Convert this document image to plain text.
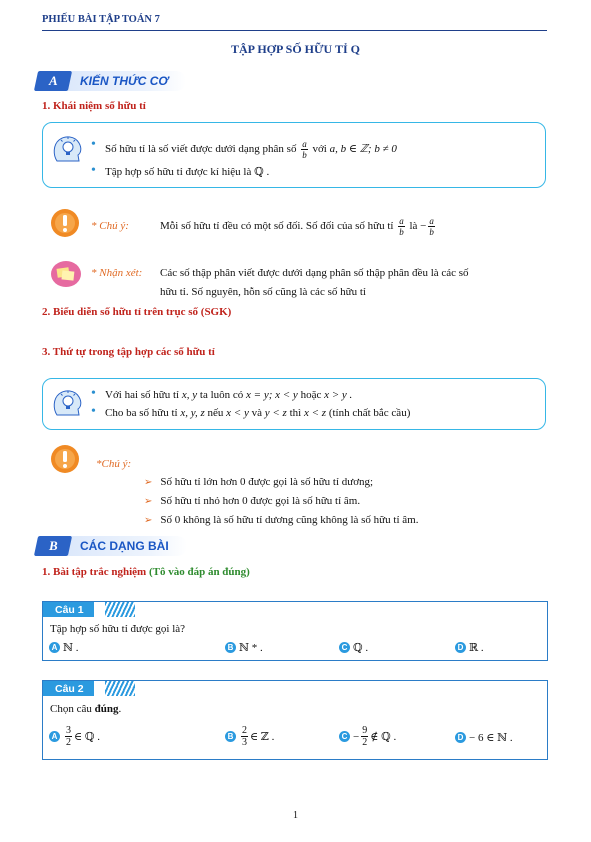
PHIẾU BÀI TẬP TOÁN 7
TẬP HỢP SỐ HỮU TỈ Q
A	KIẾN THỨC CƠ
1. Khái niệm số hữu tỉ
• Số hữu tỉ là số viết được dưới dạng phân số $\frac{a}{b}$ với a, b ∈ ℤ; b ≠ 0
• Tập hợp số hữu tỉ được kí hiệu là ℚ .
* Chú ý:	Mỗi số hữu tỉ đều có một số đối. Số đối của số hữu tỉ $\frac{a}{b}$ là − $\frac{a}{b}$
* Nhận xét: Các số thập phân viết được dưới dạng phân số thập phân đều là các số
hữu tỉ. Số nguyên, hỗn số cũng là các số hữu tỉ
2. Biểu diễn số hữu tỉ trên trục số (SGK)
3. Thứ tự trong tập hợp các số hữu tỉ
• Với hai số hữu tỉ x, y ta luôn có x = y; x < y hoặc x > y .
• Cho ba số hữu tỉ x, y, z nếu x < y và y < z thì x < z (tính chất bắc cầu)
*Chú ý:
➢ Số hữu tỉ lớn hơn 0 được gọi là số hữu tỉ dương;
➢ Số hữu tỉ nhỏ hơn 0 được gọi là số hữu tỉ âm.
➢ Số 0 không là số hữu tỉ dương cũng không là số hữu tỉ âm.
B	CÁC DẠNG BÀI
1. Bài tập trắc nghiệm (Tô vào đáp án đúng)
Câu 1
Tập hợp số hữu tỉ được gọi là?
A ℕ .	B ℕ * .	C ℚ .	D ℝ .
Câu 2
Chọn câu đúng.
A $\frac{3}{2}$ ∈ ℚ .	B $\frac{2}{3}$ ∈ ℤ .	$C - \frac{9}{2}$ ∉ ℚ .	D − 6 ∈ ℕ .
1
